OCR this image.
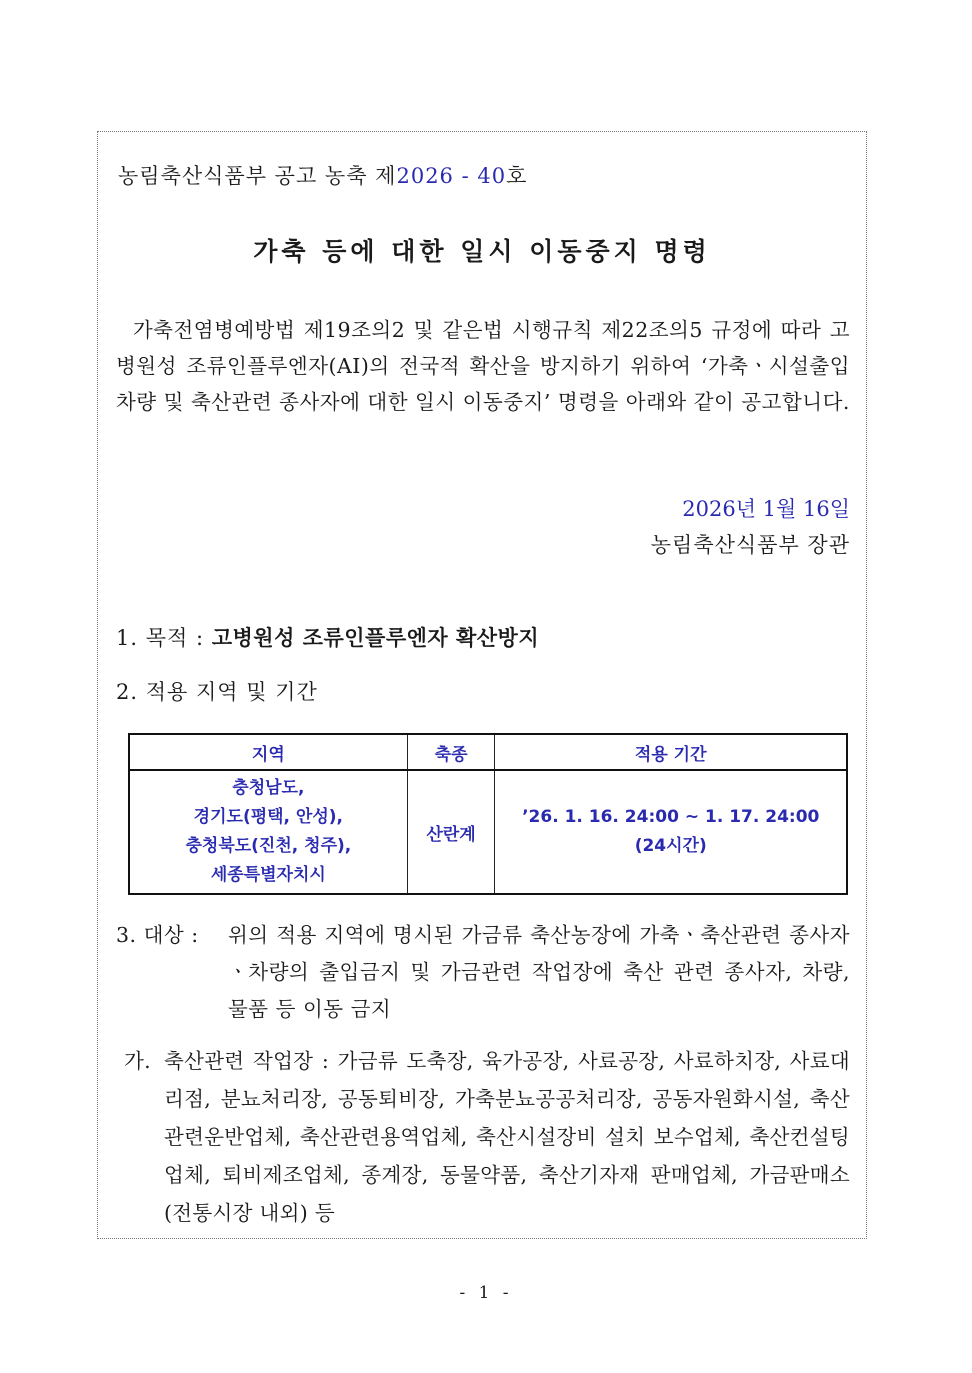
농림축산식품부 공고 농축 제2026 - 40호
가축 등에 대한 일시 이동중지 명령
가축전염병예방법 제19조의2 및 같은법 시행규칙 제22조의5 규정에 따라 고병원성 조류인플루엔자(AI)의 전국적 확산을 방지하기 위하여 ‘가축ㆍ시설출입차량 및 축산관련 종사자에 대한 일시 이동중지’ 명령을 아래와 같이 공고합니다.
2026년 1월 16일
농림축산식품부 장관
1. 목적 : 고병원성 조류인플루엔자 확산방지
2. 적용 지역 및 기간
지역	축종	적용 기간

충청남도,
경기도(평택, 안성),
충청북도(진천, 청주),
세종특별자치시	산란계	’26. 1. 16. 24:00 ~ 1. 17. 24:00
(24시간)
3. 대상 : 위의 적용 지역에 명시된 가금류 축산농장에 가축ㆍ축산관련 종사자ㆍ차량의 출입금지 및 가금관련 작업장에 축산 관련 종사자, 차량, 물품 등 이동 금지
가. 축산관련 작업장 : 가금류 도축장, 육가공장, 사료공장, 사료하치장, 사료대리점, 분뇨처리장, 공동퇴비장, 가축분뇨공공처리장, 공동자원화시설, 축산관련운반업체, 축산관련용역업체, 축산시설장비 설치 보수업체, 축산컨설팅업체, 퇴비제조업체, 종계장, 동물약품, 축산기자재 판매업체, 가금판매소(전통시장 내외) 등
- 1 -
